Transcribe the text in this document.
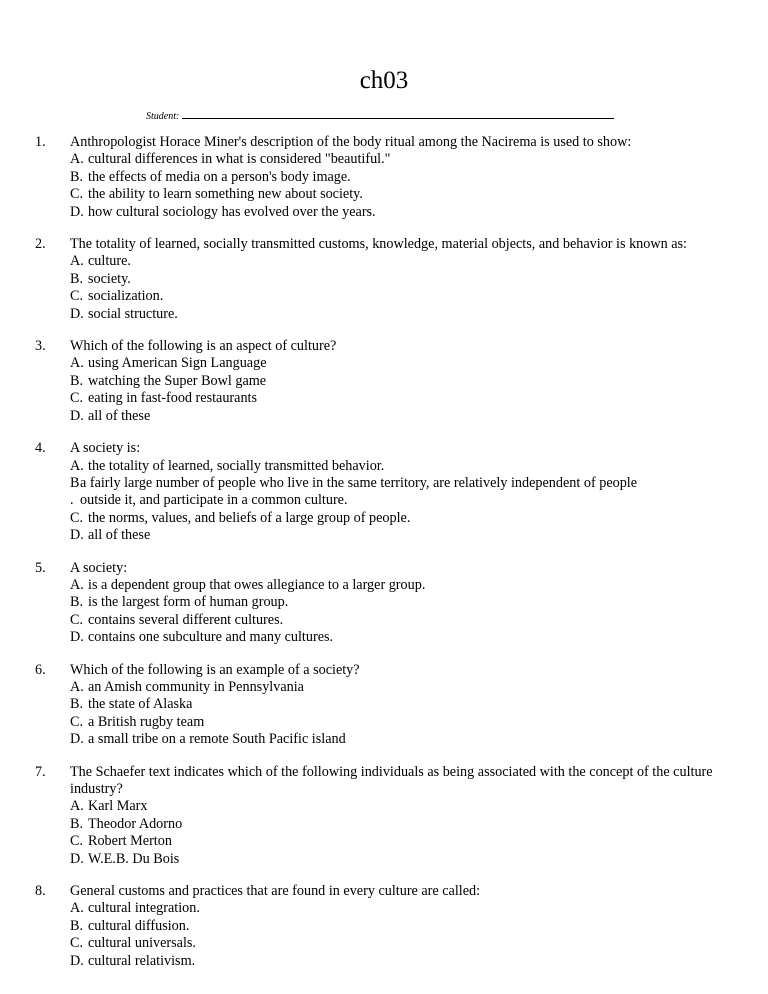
ch03
Student:
1.	Anthropologist Horace Miner's description of the body ritual among the Nacirema is used to show:
A. cultural differences in what is considered "beautiful."
B. the effects of media on a person's body image.
C. the ability to learn something new about society.
D. how cultural sociology has evolved over the years.
2.	The totality of learned, socially transmitted customs, knowledge, material objects, and behavior is known as:
A. culture.
B. society.
C. socialization.
D. social structure.
3.	Which of the following is an aspect of culture?
A. using American Sign Language
B. watching the Super Bowl game
C. eating in fast-food restaurants
D. all of these
4.	A society is:
A. the totality of learned, socially transmitted behavior.
B a fairly large number of people who live in the same territory, are relatively independent of people
. outside it, and participate in a common culture.
C. the norms, values, and beliefs of a large group of people.
D. all of these
5.	A society:
A. is a dependent group that owes allegiance to a larger group.
B. is the largest form of human group.
C. contains several different cultures.
D. contains one subculture and many cultures.
6.	Which of the following is an example of a society?
A. an Amish community in Pennsylvania
B. the state of Alaska
C. a British rugby team
D. a small tribe on a remote South Pacific island
7.	The Schaefer text indicates which of the following individuals as being associated with the concept of the culture industry?
A. Karl Marx
B. Theodor Adorno
C. Robert Merton
D. W.E.B. Du Bois
8.	General customs and practices that are found in every culture are called:
A. cultural integration.
B. cultural diffusion.
C. cultural universals.
D. cultural relativism.
